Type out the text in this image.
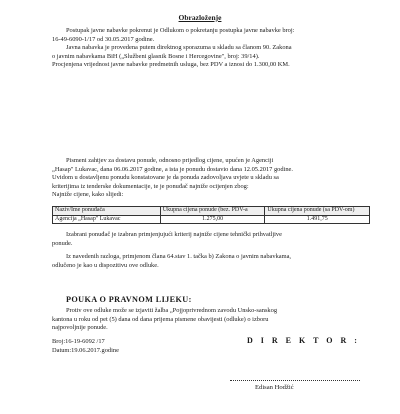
Obrazloženje
Postupak javne nabavke pokrenut je Odlukom o pokretanju postupka javne nabavke broj:
16-49-6090-1/17 od 30.05.2017 godine.
Javna nabavka je provedena putem direktnog sporazuma u skladu sa članom 90. Zakona
o javnim nabavkama BiH („Službeni glasnik Bosne i Hercegovine", broj: 39/14).
Procjenjena vrijednost javne nabavke predmetnih usluga, bez PDV a iznosi do 1.300,00 KM.
Pismeni zahtjev za dostavu ponude, odnosno prijedlog cijene, upućen je Agenciji
„Hasap" Lukavac, dana 06.06.2017 godine, a ista je ponudu dostavio dana 12.05.2017 godine.
Uvidom u dostavljenu ponudu konstatovane je da ponuda zadovoljava uvjete u skladu sa
kriterijima iz tenderske dokumentacije, te je ponuđač najniže ocijenjen zbog:
Najniže cijene, kako slijedi:
Naziv/Ime ponuđača	Ukupna cijena ponude (bez. PDV-a	Ukupna cijena ponude (sa PDV-om)
Agencija „Hasap" Lukavac	1.275,00	1.491,75
Izabrani ponuđač je izabran primjenjujući kriterij najniže cijene tehnički prihvatljive
ponude.
Iz navedenih razloga, primjenom člana 64.stav 1. tačka b) Zakona o javnim nabavkama,
odlučeno je kao u dispozitivu ove odluke.
POUKA O PRAVNOM LIJEKU:
Protiv ove odluke može se izjaviti žalba „Pojjoprivrednom zavodu Unsko-sanskog
kantona u roku od pet (5) dana od dana prijema pismene obavijesti (odluke) o izboru
najpovoljnije ponude.
Broj:16-19-6092 /17
Datum:19.06.2017.godine
D I R E K T O R :
Edisan Hodžić
